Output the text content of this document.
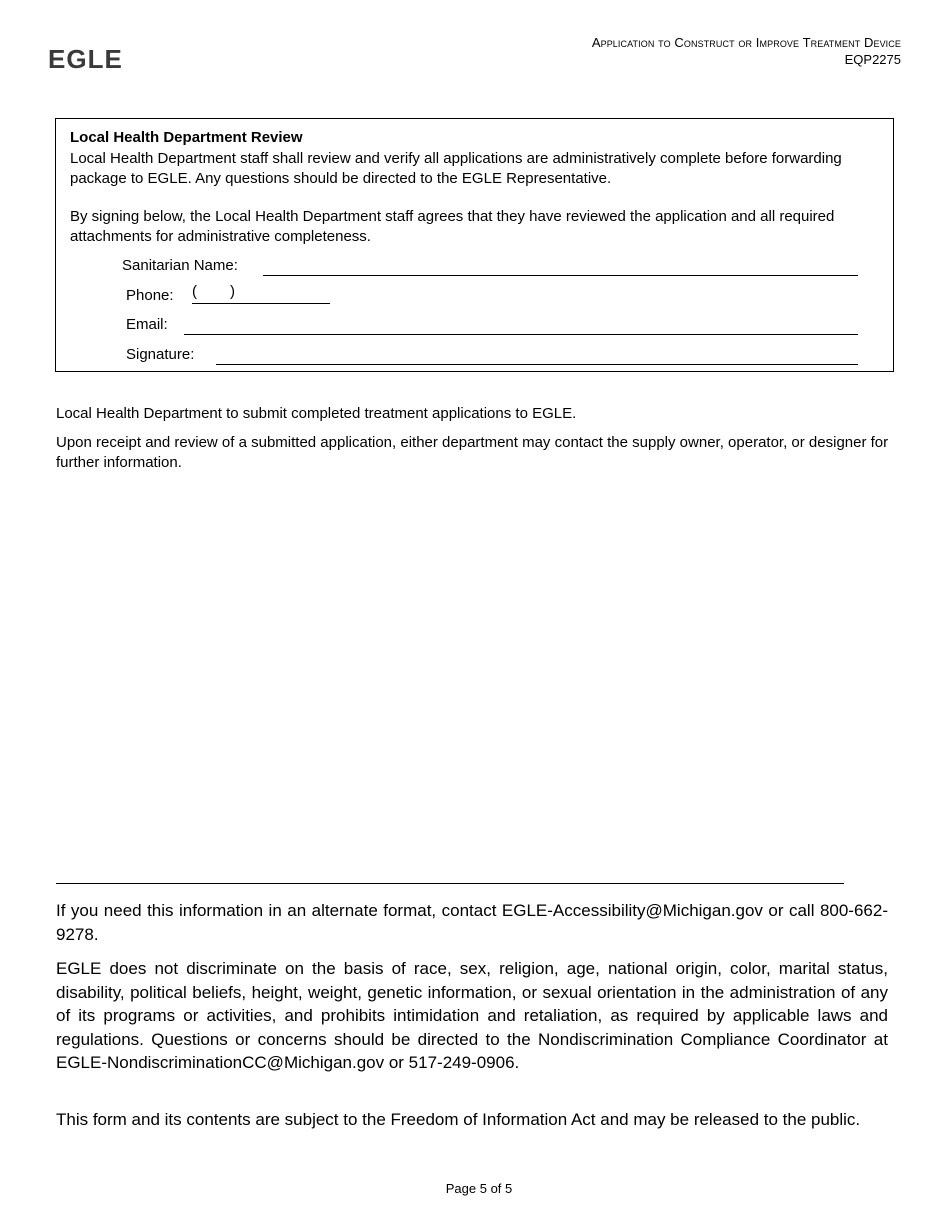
EGLE
Application to Construct or Improve Treatment Device
EQP2275
Local Health Department Review

Local Health Department staff shall review and verify all applications are administratively complete before forwarding package to EGLE. Any questions should be directed to the EGLE Representative.

By signing below, the Local Health Department staff agrees that they have reviewed the application and all required attachments for administrative completeness.

Sanitarian Name:
Phone: ( )
Email:
Signature:

Local Health Department to submit completed treatment applications to EGLE.

Upon receipt and review of a submitted application, either department may contact the supply owner, operator, or designer for further information.

If you need this information in an alternate format, contact EGLE-Accessibility@Michigan.gov or call 800-662-9278.

EGLE does not discriminate on the basis of race, sex, religion, age, national origin, color, marital status, disability, political beliefs, height, weight, genetic information, or sexual orientation in the administration of any of its programs or activities, and prohibits intimidation and retaliation, as required by applicable laws and regulations. Questions or concerns should be directed to the Nondiscrimination Compliance Coordinator at EGLE-NondiscriminationCC@Michigan.gov or 517-249-0906.

This form and its contents are subject to the Freedom of Information Act and may be released to the public.

Page 5 of 5
